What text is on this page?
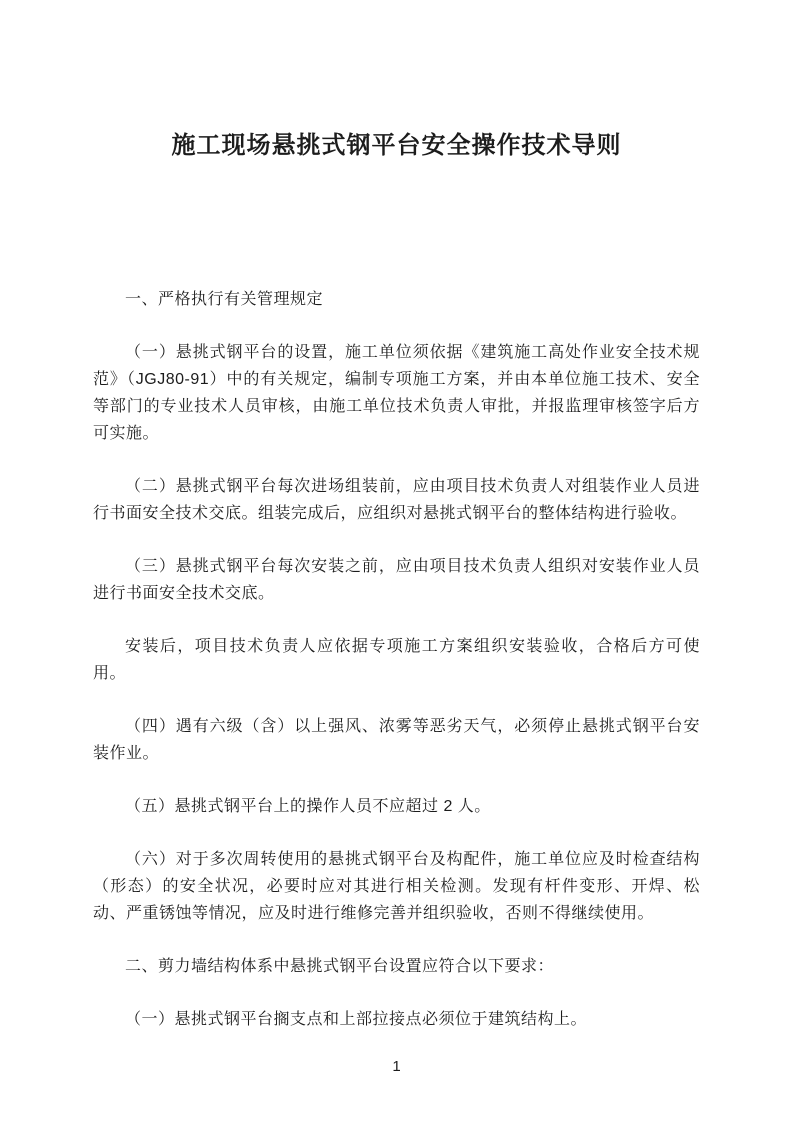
施工现场悬挑式钢平台安全操作技术导则

一、严格执行有关管理规定

（一）悬挑式钢平台的设置，施工单位须依据《建筑施工高处作业安全技术规范》（JGJ80-91）中的有关规定，编制专项施工方案，并由本单位施工技术、安全等部门的专业技术人员审核，由施工单位技术负责人审批，并报监理审核签字后方可实施。

（二）悬挑式钢平台每次进场组装前，应由项目技术负责人对组装作业人员进行书面安全技术交底。组装完成后，应组织对悬挑式钢平台的整体结构进行验收。

（三）悬挑式钢平台每次安装之前，应由项目技术负责人组织对安装作业人员进行书面安全技术交底。

安装后，项目技术负责人应依据专项施工方案组织安装验收，合格后方可使用。

（四）遇有六级（含）以上强风、浓雾等恶劣天气，必须停止悬挑式钢平台安装作业。

（五）悬挑式钢平台上的操作人员不应超过 2 人。

（六）对于多次周转使用的悬挑式钢平台及构配件，施工单位应及时检查结构（形态）的安全状况，必要时应对其进行相关检测。发现有杆件变形、开焊、松动、严重锈蚀等情况，应及时进行维修完善并组织验收，否则不得继续使用。

二、剪力墙结构体系中悬挑式钢平台设置应符合以下要求：

（一）悬挑式钢平台搁支点和上部拉接点必须位于建筑结构上。

1
